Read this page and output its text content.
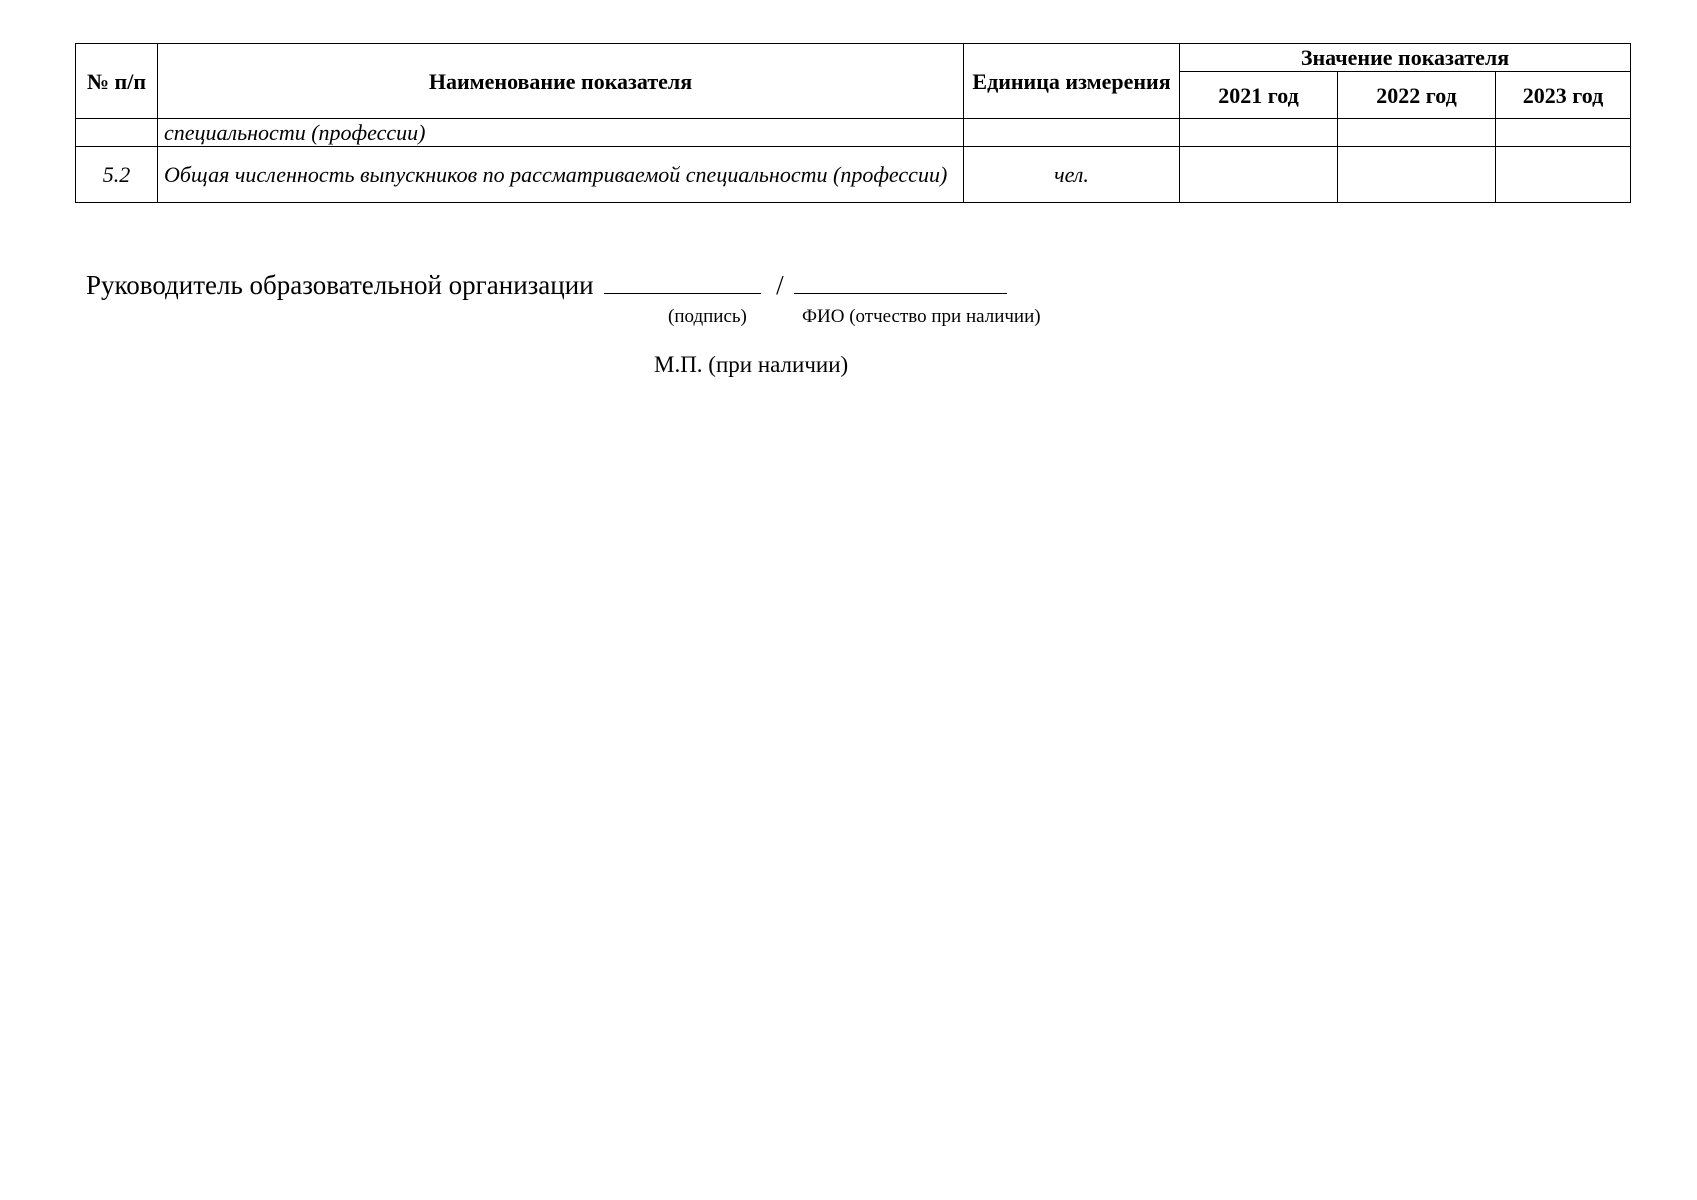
№ п/п	Наименование показателя	Единица измерения	Значение показателя		
			2021 год	2022 год	2023 год
	специальности (профессии)				
5.2	Общая численность выпускников по рассматриваемой специальности (профессии)	чел.			
Руководитель образовательной организации	/
(подпись)	ФИО (отчество при наличии)
М.П. (при наличии)
